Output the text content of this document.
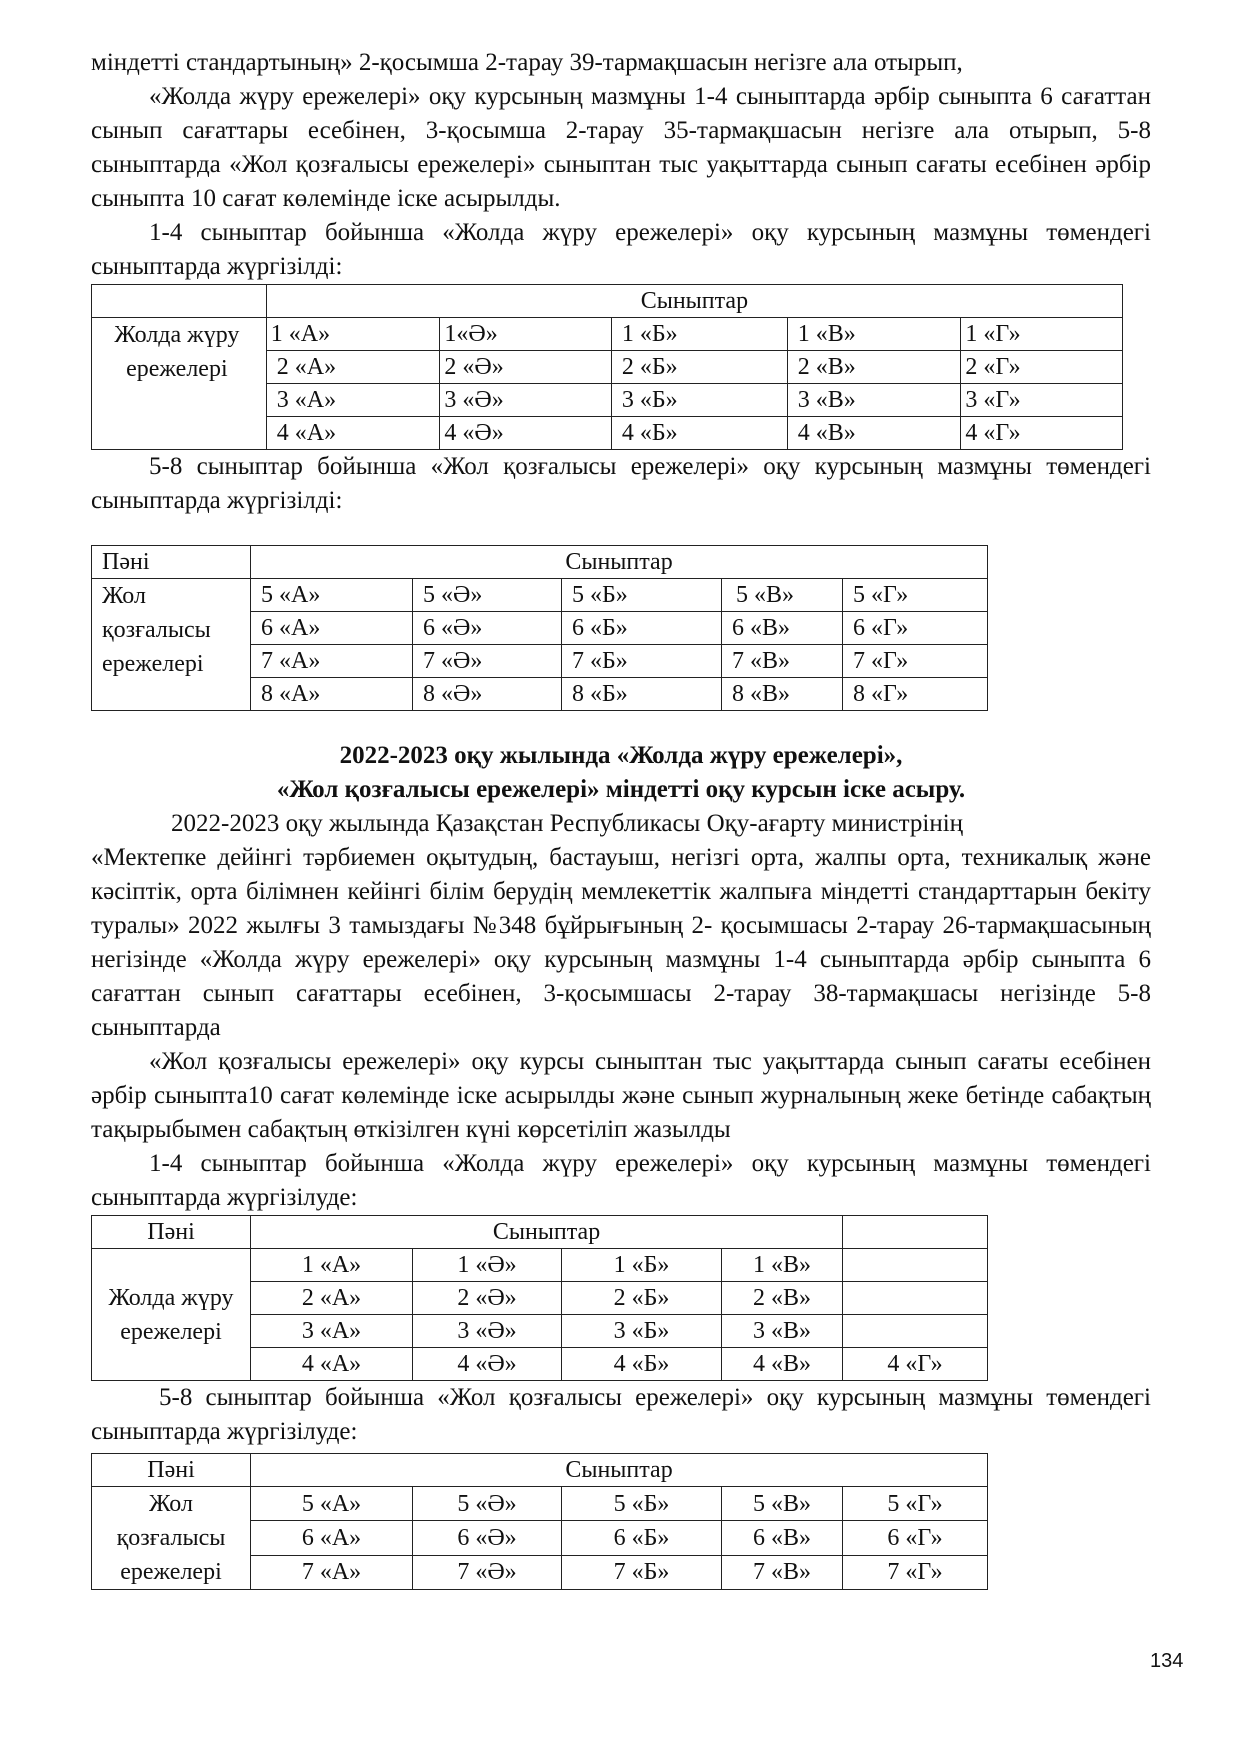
міндетті стандартының» 2-қосымша 2-тарау 39-тармақшасын негізге ала отырып,

«Жолда жүру ережелері» оқу курсының мазмұны 1-4 сыныптарда әрбір сыныпта 6 сағаттан сынып сағаттары есебінен, 3-қосымша 2-тарау 35-тармақшасын негізге ала отырып, 5-8 сыныптарда «Жол қозғалысы ережелері» сыныптан тыс уақыттарда сынып сағаты есебінен әрбір сыныпта 10 сағат көлемінде іске асырылды.

1-4 сыныптар бойынша «Жолда жүру ережелері» оқу курсының мазмұны төмендегі сыныптарда жүргізілді:

	Сыныптар				
Жолда жүру ережелері	1 «А»	1«Ә»	1 «Б»	1 «В»	1 «Г»
	2 «А»	2 «Ә»	2 «Б»	2 «В»	2 «Г»
	3 «А»	3 «Ә»	3 «Б»	3 «В»	3 «Г»
	4 «А»	4 «Ә»	4 «Б»	4 «В»	4 «Г»

5-8 сыныптар бойынша «Жол қозғалысы ережелері» оқу курсының мазмұны төмендегі сыныптарда жүргізілді:

Пәні	Сыныптар				
Жол қозғалысы ережелері	5 «А»	5 «Ә»	5 «Б»	5 «В»	5 «Г»
	6 «А»	6 «Ә»	6 «Б»	6 «В»	6 «Г»
	7 «А»	7 «Ә»	7 «Б»	7 «В»	7 «Г»
	8 «А»	8 «Ә»	8 «Б»	8 «В»	8 «Г»

2022-2023 оқу жылында «Жолда жүру ережелері»,

«Жол қозғалысы ережелері» міндетті оқу курсын іске асыру.

2022-2023 оқу жылында Қазақстан Республикасы Оқу-ағарту министрінің

«Мектепке дейінгі тәрбиемен оқытудың, бастауыш, негізгі орта, жалпы орта, техникалық және кәсіптік, орта білімнен кейінгі білім берудің мемлекеттік жалпыға міндетті стандарттарын бекіту туралы» 2022 жылғы 3 тамыздағы №348 бұйрығының 2- қосымшасы 2-тарау 26-тармақшасының негізінде «Жолда жүру ережелері» оқу курсының мазмұны 1-4 сыныптарда әрбір сыныпта 6 сағаттан сынып сағаттары есебінен, 3-қосымшасы 2-тарау 38-тармақшасы негізінде 5-8 сыныптарда

«Жол қозғалысы ережелері» оқу курсы сыныптан тыс уақыттарда сынып сағаты есебінен әрбір сыныпта10 сағат көлемінде іске асырылды және сынып журналының жеке бетінде сабақтың тақырыбымен сабақтың өткізілген күні көрсетіліп жазылды

1-4 сыныптар бойынша «Жолда жүру ережелері» оқу курсының мазмұны төмендегі сыныптарда жүргізілуде:

Пәні	Сыныптар				
Жолда жүру ережелері	1 «А»	1 «Ә»	1 «Б»	1 «В»	
	2 «А»	2 «Ә»	2 «Б»	2 «В»	
	3 «А»	3 «Ә»	3 «Б»	3 «В»	
	4 «А»	4 «Ә»	4 «Б»	4 «В»	4 «Г»

5-8 сыныптар бойынша «Жол қозғалысы ережелері» оқу курсының мазмұны төмендегі сыныптарда жүргізілуде:

Пәні	Сыныптар				
Жол қозғалысы ережелері	5 «А»	5 «Ә»	5 «Б»	5 «В»	5 «Г»
	6 «А»	6 «Ә»	6 «Б»	6 «В»	6 «Г»
	7 «А»	7 «Ә»	7 «Б»	7 «В»	7 «Г»
134
